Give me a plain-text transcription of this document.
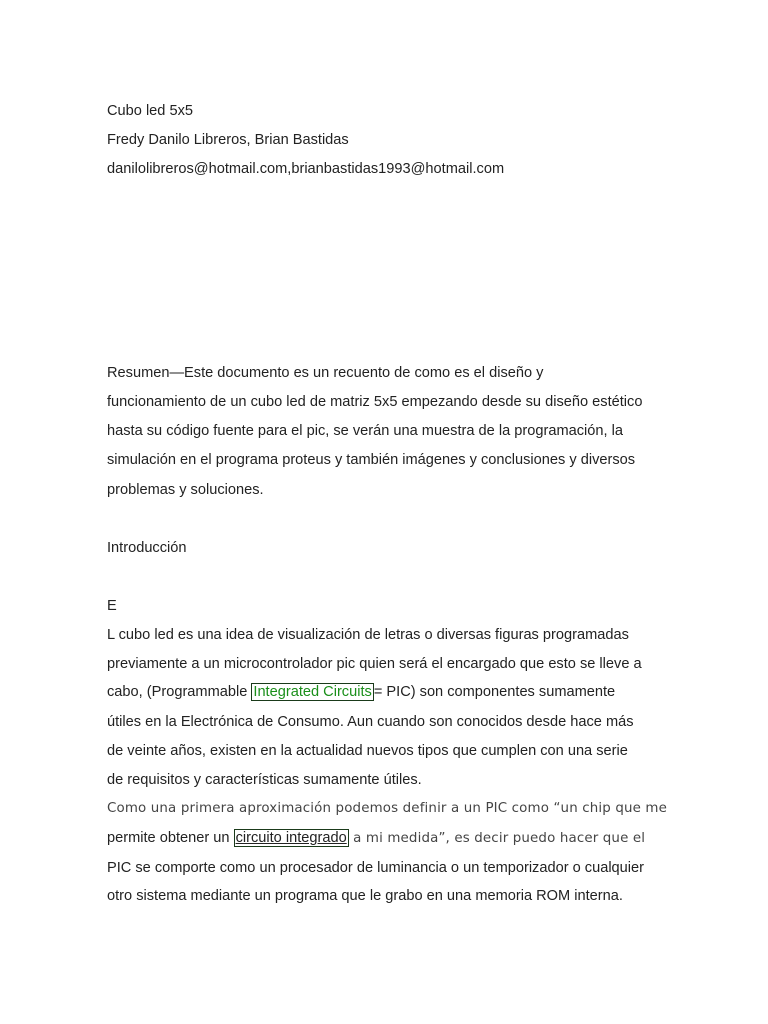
Cubo led 5x5
Fredy Danilo Libreros, Brian Bastidas
danilolibreros@hotmail.com,brianbastidas1993@hotmail.com
Resumen—Este documento es un recuento de como es el diseño y
funcionamiento de un cubo led de matriz 5x5 empezando desde su diseño estético
hasta su código fuente para el pic, se verán una muestra de la programación, la
simulación en el programa proteus y también imágenes y conclusiones y diversos
problemas y soluciones.
Introducción
E
L cubo led es una idea de visualización de letras o diversas figuras programadas
previamente a un microcontrolador pic quien será el encargado que esto se lleve a
cabo, (Programmable Integrated Circuits = PIC) son componentes sumamente
útiles en la Electrónica de Consumo. Aun cuando son conocidos desde hace más
de veinte años, existen en la actualidad nuevos tipos que cumplen con una serie
de requisitos y características sumamente útiles.
Como una primera aproximación podemos definir a un PIC como “un chip que me
permite obtener un circuito integrado a mi medida”, es decir puedo hacer que el
PIC se comporte como un procesador de luminancia o un temporizador o cualquier
otro sistema mediante un programa que le grabo en una memoria ROM interna.
